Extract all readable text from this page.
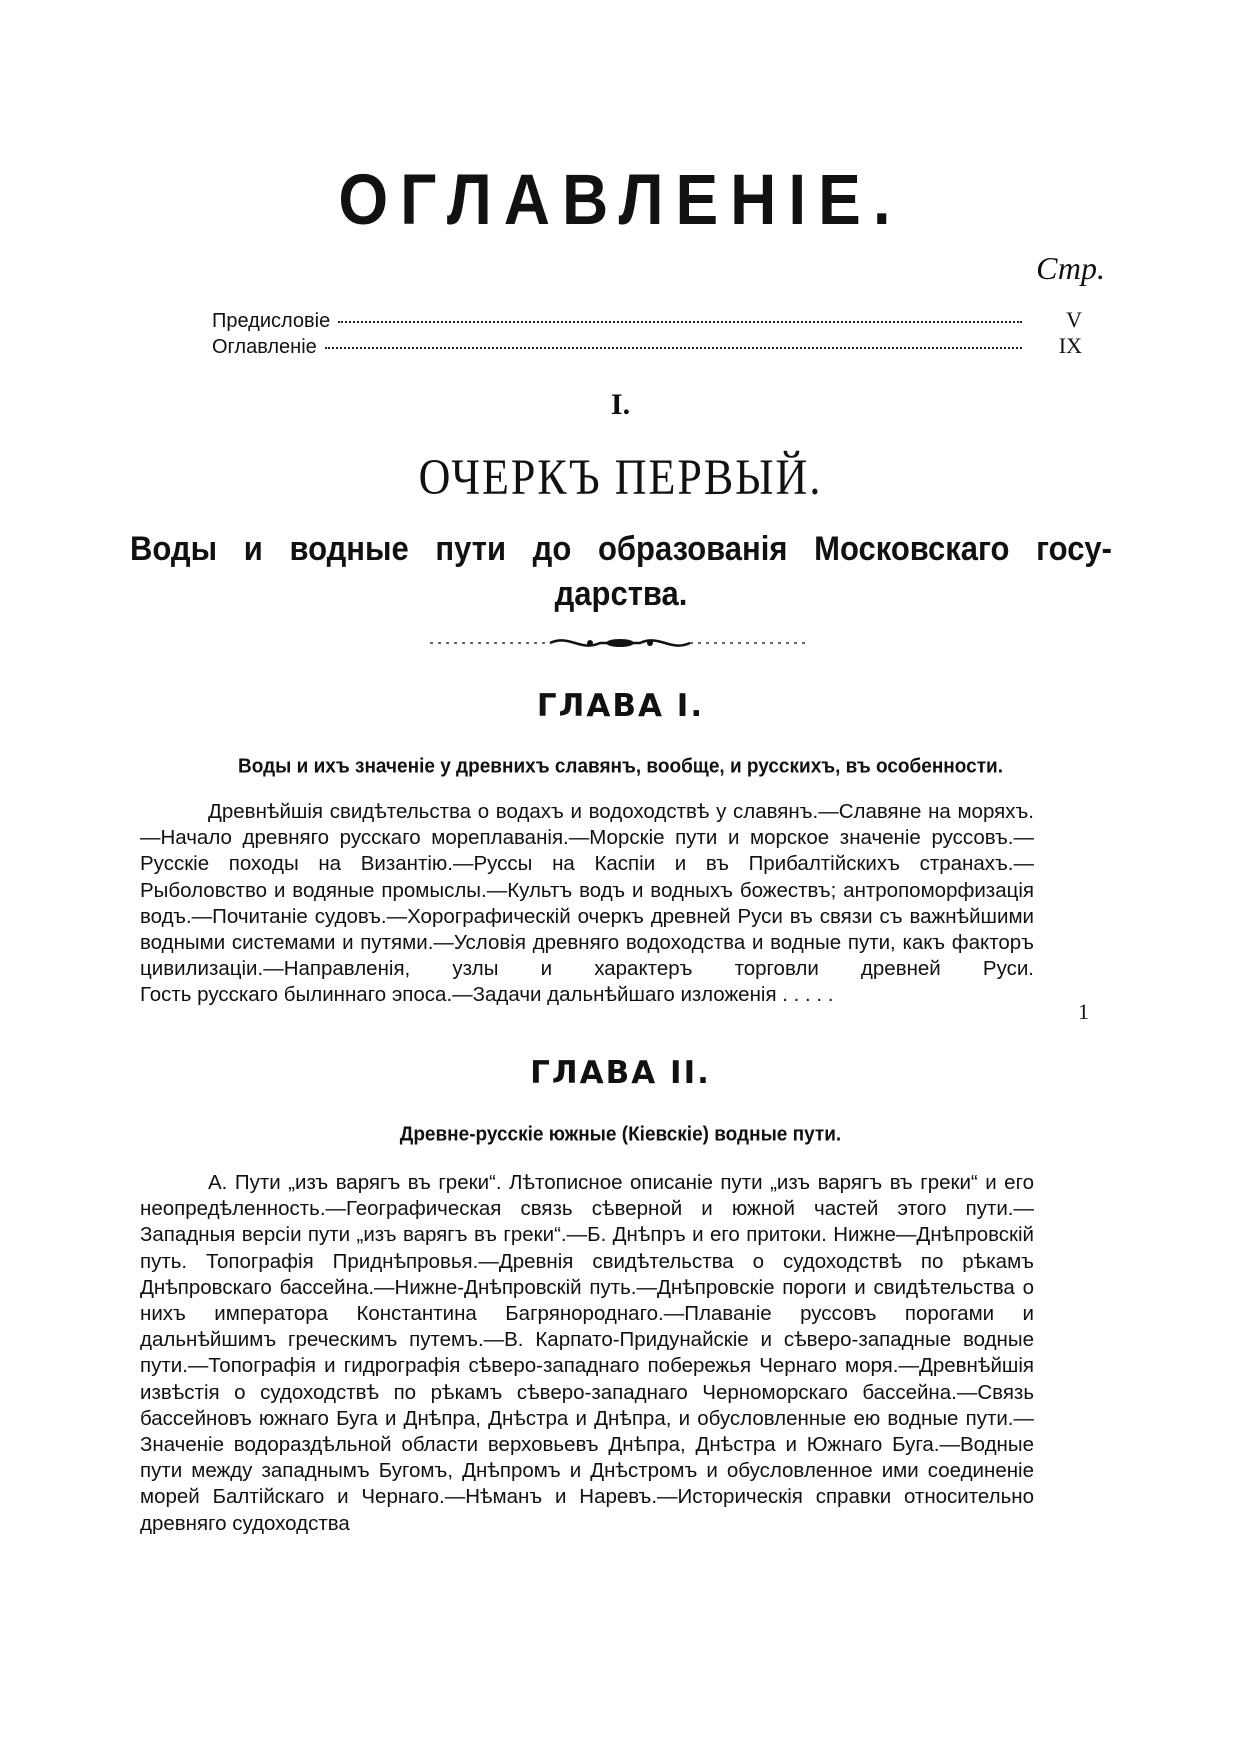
ОГЛАВЛЕНІЕ.
Стр.
Предисловіе	V
Оглавленіе	IX
I.
ОЧЕРКЪ ПЕРВЫЙ.
Воды и водные пути до образованія Московскаго госу-
дарства.
ГЛАВА I.
Воды и ихъ значеніе у древнихъ славянъ, вообще, и русскихъ, въ особенности.
Древнѣйшія свидѣтельства о водахъ и водоходствѣ у славянъ.—Славяне на моряхъ.—Начало древняго русскаго мореплаванія.—Морскіе пути и морское значеніе руссовъ.—Русскіе походы на Византію.—Руссы на Каспіи и въ Прибалтійскихъ странахъ.—Рыболовство и водяные промыслы.—Культъ водъ и водныхъ божествъ; антропоморфизація водъ.—Почитаніе судовъ.—Хорографическій очеркъ древней Руси въ связи съ важнѣйшими водными системами и путями.—Условія древняго водоходства и водные пути, какъ факторъ цивилизаціи.—Направленія, узлы и характеръ торговли древней Руси. Гость русскаго былиннаго эпоса.—Задачи дальнѣйшаго изложенія . . . . .
1
ГЛАВА II.
Древне-русскіе южные (Кіевскіе) водные пути.
А. Пути „изъ варягъ въ греки“. Лѣтописное описаніе пути „изъ варягъ въ греки“ и его неопредѣленность.—Географическая связь сѣверной и южной частей этого пути.—Западныя версіи пути „изъ варягъ въ греки“.—Б. Днѣпръ и его притоки. Нижне—Днѣпровскій путь. Топографія Приднѣпровья.—Древнія свидѣтельства о судоходствѣ по рѣкамъ Днѣпровскаго бассейна.—Нижне-Днѣпровскій путь.—Днѣпровскіе пороги и свидѣтельства о нихъ императора Константина Багрянороднаго.—Плаваніе руссовъ порогами и дальнѣйшимъ греческимъ путемъ.—В. Карпато-Придунайскіе и сѣверо-западные водные пути.—Топографія и гидрографія сѣверо-западнаго побережья Чернаго моря.—Древнѣйшія извѣстія о судоходствѣ по рѣкамъ сѣверо-западнаго Черноморскаго бассейна.—Связь бассейновъ южнаго Буга и Днѣпра, Днѣстра и Днѣпра, и обусловленные ею водные пути.—Значеніе водораздѣльной области верховьевъ Днѣпра, Днѣстра и Южнаго Буга.—Водные пути между западнымъ Бугомъ, Днѣпромъ и Днѣстромъ и обусловленное ими соединеніе морей Балтійскаго и Чернаго.—Нѣманъ и Наревъ.—Историческія справки относительно древняго судоходства
